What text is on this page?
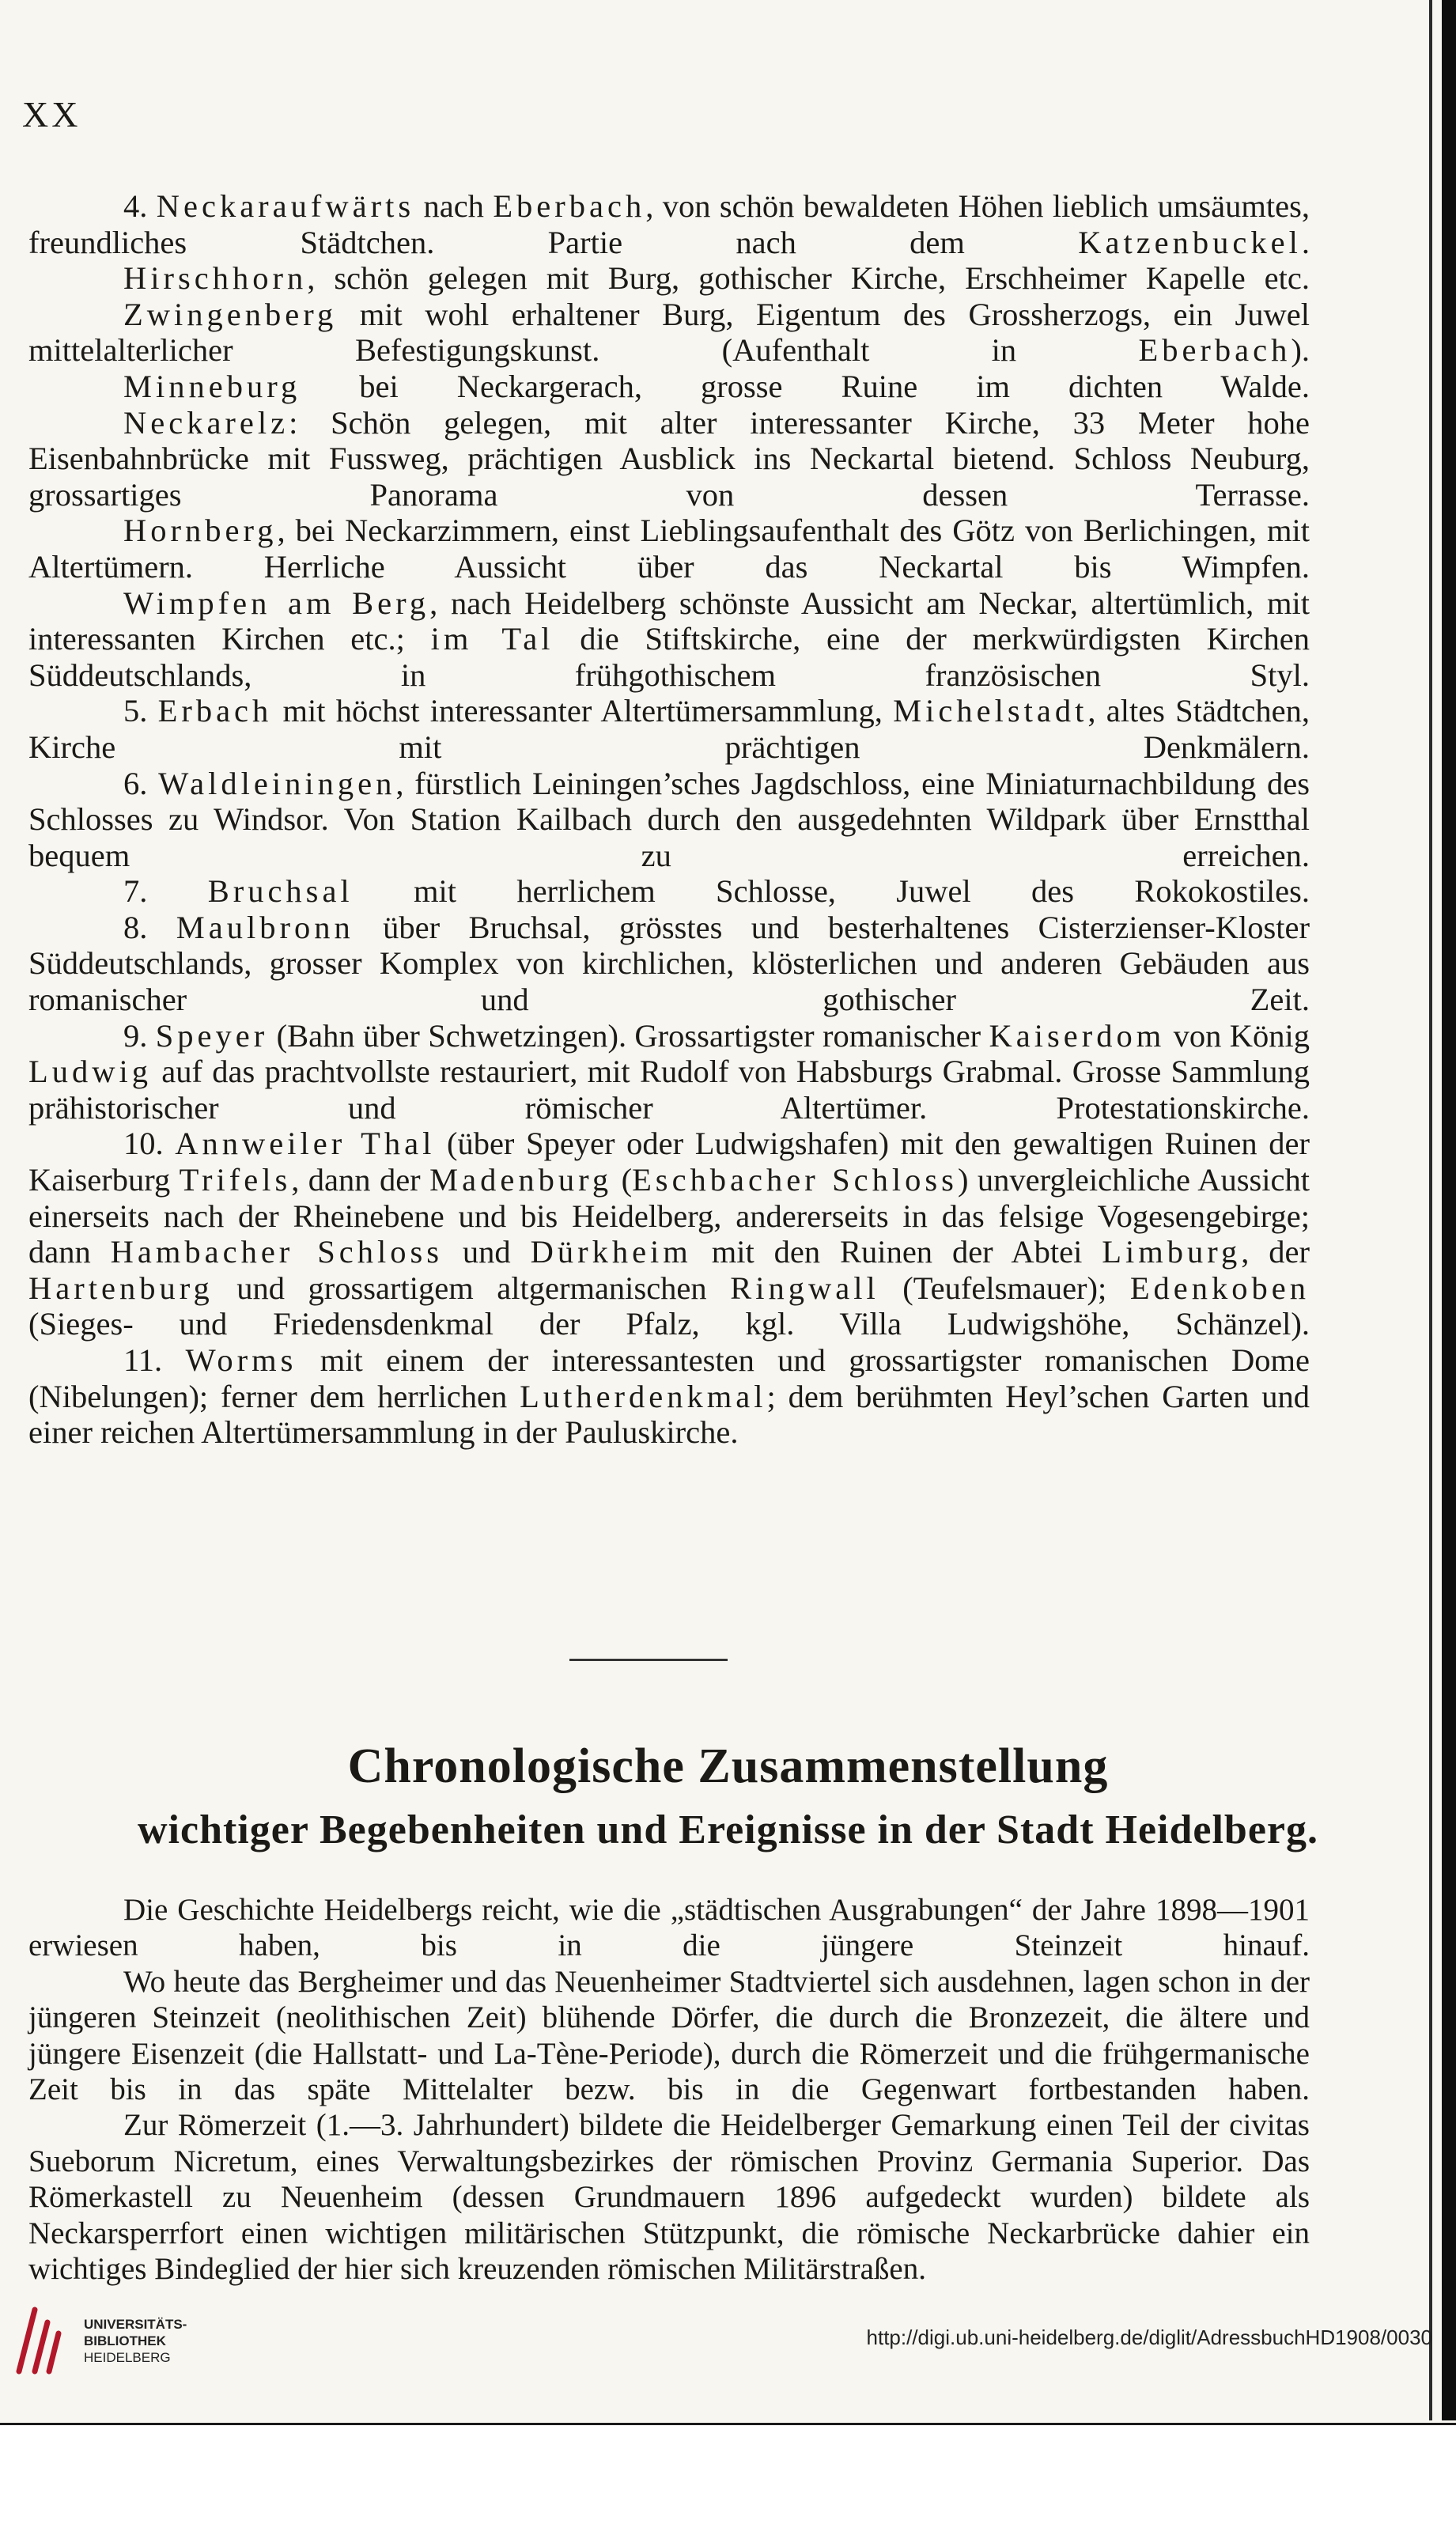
XX

4. Neckaraufwärts nach Eberbach, von schön bewaldeten Höhen lieblich umsäumtes, freundliches Städtchen. Partie nach dem Katzenbuckel.

Hirschhorn, schön gelegen mit Burg, gothischer Kirche, Erschheimer Kapelle etc.

Zwingenberg mit wohl erhaltener Burg, Eigentum des Grossherzogs, ein Juwel mittelalterlicher Befestigungskunst. (Aufenthalt in Eberbach).

Minneburg bei Neckargerach, grosse Ruine im dichten Walde.

Neckarelz: Schön gelegen, mit alter interessanter Kirche, 33 Meter hohe Eisenbahnbrücke mit Fussweg, prächtigen Ausblick ins Neckartal bietend. Schloss Neuburg, grossartiges Panorama von dessen Terrasse.

Hornberg, bei Neckarzimmern, einst Lieblingsaufenthalt des Götz von Berlichingen, mit Altertümern. Herrliche Aussicht über das Neckartal bis Wimpfen.

Wimpfen am Berg, nach Heidelberg schönste Aussicht am Neckar, altertümlich, mit interessanten Kirchen etc.; im Tal die Stiftskirche, eine der merkwürdigsten Kirchen Süddeutschlands, in frühgothischem französischen Styl.

5. Erbach mit höchst interessanter Altertümersammlung, Michelstadt, altes Städtchen, Kirche mit prächtigen Denkmälern.

6. Waldleiningen, fürstlich Leiningen’sches Jagdschloss, eine Miniaturnachbildung des Schlosses zu Windsor. Von Station Kailbach durch den ausgedehnten Wildpark über Ernstthal bequem zu erreichen.

7. Bruchsal mit herrlichem Schlosse, Juwel des Rokokostiles.

8. Maulbronn über Bruchsal, grösstes und besterhaltenes Cisterzienser-Kloster Süddeutschlands, grosser Komplex von kirchlichen, klösterlichen und anderen Gebäuden aus romanischer und gothischer Zeit.

9. Speyer (Bahn über Schwetzingen). Grossartigster romanischer Kaiserdom von König Ludwig auf das prachtvollste restauriert, mit Rudolf von Habsburgs Grabmal. Grosse Sammlung prähistorischer und römischer Altertümer. Protestationskirche.

10. Annweiler Thal (über Speyer oder Ludwigshafen) mit den gewaltigen Ruinen der Kaiserburg Trifels, dann der Madenburg (Eschbacher Schloss) unvergleichliche Aussicht einerseits nach der Rheinebene und bis Heidelberg, andererseits in das felsige Vogesengebirge; dann Hambacher Schloss und Dürkheim mit den Ruinen der Abtei Limburg, der Hartenburg und grossartigem altgermanischen Ringwall (Teufelsmauer); Edenkoben (Sieges- und Friedensdenkmal der Pfalz, kgl. Villa Ludwigshöhe, Schänzel).

11. Worms mit einem der interessantesten und grossartigster romanischen Dome (Nibelungen); ferner dem herrlichen Lutherdenkmal; dem berühmten Heyl’schen Garten und einer reichen Altertümersammlung in der Pauluskirche.

Chronologische Zusammenstellung
wichtiger Begebenheiten und Ereignisse in der Stadt Heidelberg.

Die Geschichte Heidelbergs reicht, wie die „städtischen Ausgrabungen“ der Jahre 1898—1901 erwiesen haben, bis in die jüngere Steinzeit hinauf.

Wo heute das Bergheimer und das Neuenheimer Stadtviertel sich ausdehnen, lagen schon in der jüngeren Steinzeit (neolithischen Zeit) blühende Dörfer, die durch die Bronzezeit, die ältere und jüngere Eisenzeit (die Hallstatt- und La-Tène-Periode), durch die Römerzeit und die frühgermanische Zeit bis in das späte Mittelalter bezw. bis in die Gegenwart fortbestanden haben.

Zur Römerzeit (1.—3. Jahrhundert) bildete die Heidelberger Gemarkung einen Teil der civitas Sueborum Nicretum, eines Verwaltungsbezirkes der römischen Provinz Germania Superior. Das Römerkastell zu Neuenheim (dessen Grundmauern 1896 aufgedeckt wurden) bildete als Neckarsperrfort einen wichtigen militärischen Stützpunkt, die römische Neckarbrücke dahier ein wichtiges Bindeglied der hier sich kreuzenden römischen Militärstraßen.

UNIVERSITÄTS-
BIBLIOTHEK
HEIDELBERG
http://digi.ub.uni-heidelberg.de/diglit/AdressbuchHD1908/0030
